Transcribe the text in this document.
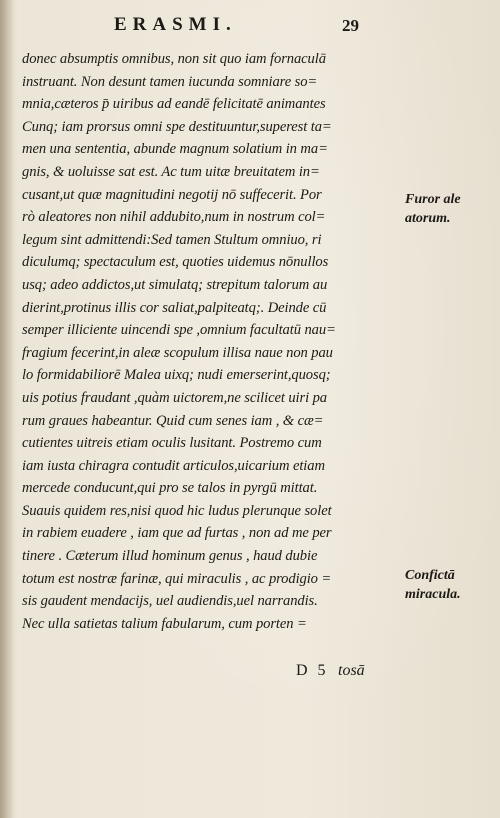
ERASMI.	29
donec absumptis omnibus, non sit quo iam fornaculā
instruant. Non desunt tamen iucunda somniare so=
mnia,cæteros p̄ uiribus ad eandē felicitatē animantes
Cunq; iam prorsus omni spe destituuntur,superest ta=
men una sententia, abunde magnum solatium in ma=
gnis, & uoluisse sat est. Ac tum uitæ breuitatem in=
cusant,ut quæ magnitudini negotij nō suffecerit. Por
rò aleatores non nihil addubito,num in nostrum col=
legum sint admittendi:Sed tamen Stultum omniuo, ri
diculumq; spectaculum est, quoties uidemus nōnullos
usq; adeo addictos,ut simulatq; strepitum talorum au
dierint,protinus illis cor saliat,palpiteatq;. Deinde cū
semper illiciente uincendi spe ,omnium facultatū nau=
fragium fecerint,in aleæ scopulum illisa naue non pau
lo formidabiliorē Malea uixq; nudi emerserint,quosq;
uis potius fraudant ,quàm uictorem,ne scilicet uiri pa
rum graues habeantur. Quid cum senes iam , & cæ=
cutientes uitreis etiam oculis lusitant. Postremo cum
iam iusta chiragra contudit articulos,uicarium etiam
mercede conducunt,qui pro se talos in pyrgū mittat.
Suauis quidem res,nisi quod hic ludus plerunque solet
in rabiem euadere , iam que ad furtas , non ad me per
tinere . Cæterum illud hominum genus , haud dubie
totum est nostræ farinæ, qui miraculis , ac prodigio =
sis gaudent mendacijs, uel audiendis,uel narrandis.
Nec ulla satietas talium fabularum, cum porten =
Furor ale
atorum.
Confictā
miracula.
D 5 tosā
